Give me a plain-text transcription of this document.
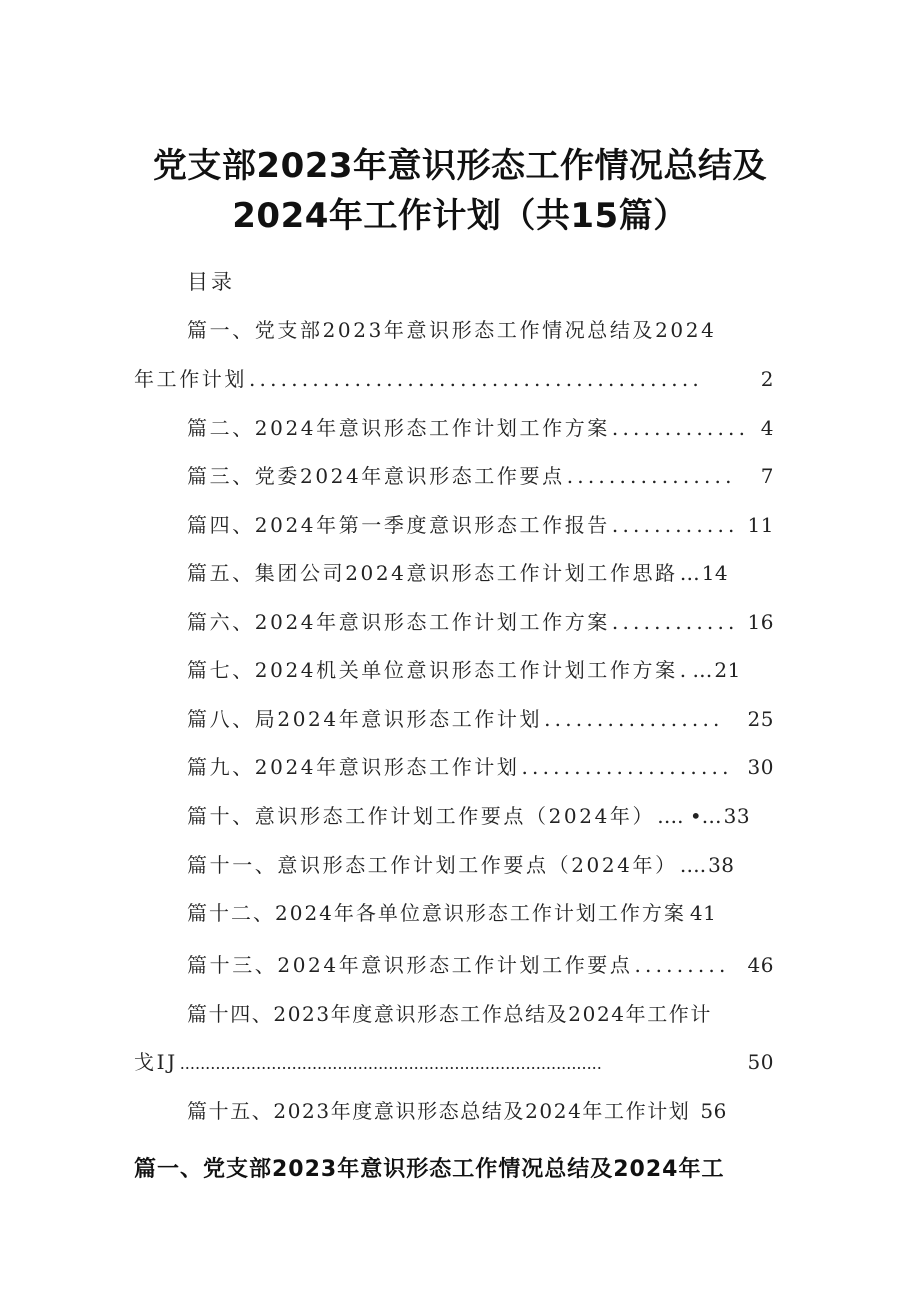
党支部2023年意识形态工作情况总结及
2024年工作计划（共15篇）
目录
篇一、党支部2023年意识形态工作情况总结及2024
年工作计划 ...........................................	2
篇二、2024年意识形态工作计划工作方案 ............. 4
篇三、党委2024年意识形态工作要点 ................	7
篇四、2024年第一季度意识形态工作报告 ............ 11
篇五、集团公司2024意识形态工作计划工作思路 … 14
篇六、2024年意识形态工作计划工作方案 ............ 16
篇七、2024机关单位意识形态工作计划工作方案 . … 21
篇八、局2024年意识形态工作计划 .................	25
篇九、2024年意识形态工作计划 .................... 30
篇十、意识形态工作计划工作要点（2024年） …. •… 33
篇十一、意识形态工作计划工作要点（2024年） …. 38
篇十二、2024年各单位意识形态工作计划工作方案 41
篇十三、2024年意识形态工作计划工作要点 ......... 46
篇十四、2023年度意识形态工作总结及2024年工作计
戈IJ ...................................................................................	50
篇十五、2023年度意识形态总结及2024年工作计划 56
篇一、党支部2023年意识形态工作情况总结及2024年工
